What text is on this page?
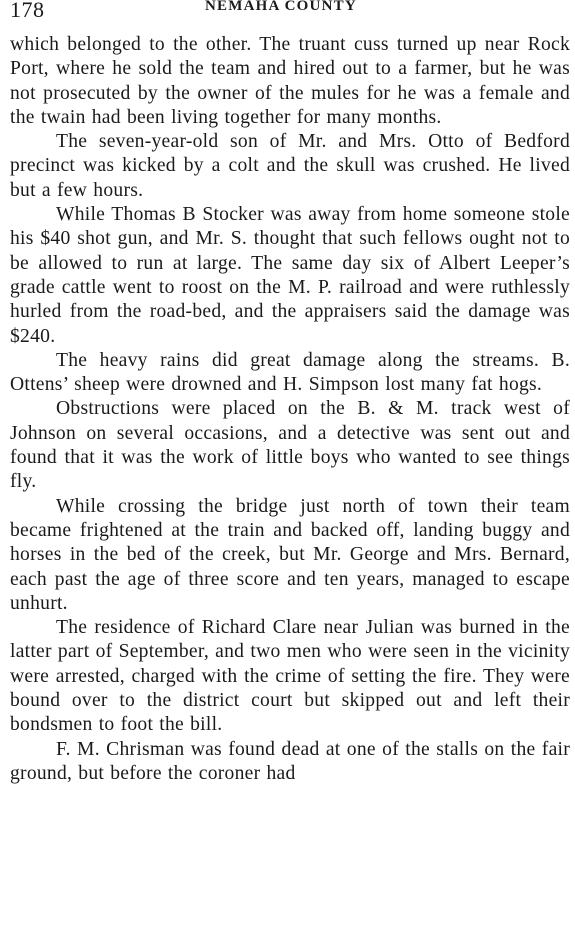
178	NEMAHA COUNTY

which belonged to the other. The truant cuss turned up near Rock Port, where he sold the team and hired out to a farmer, but he was not prosecuted by the owner of the mules for he was a female and the twain had been living together for many months.

The seven-year-old son of Mr. and Mrs. Otto of Bedford precinct was kicked by a colt and the skull was crushed. He lived but a few hours.

While Thomas B Stocker was away from home someone stole his $40 shot gun, and Mr. S. thought that such fellows ought not to be allowed to run at large. The same day six of Albert Leeper’s grade cattle went to roost on the M. P. railroad and were ruthlessly hurled from the road-bed, and the appraisers said the damage was $240.

The heavy rains did great damage along the streams. B. Ottens’ sheep were drowned and H. Simpson lost many fat hogs.

Obstructions were placed on the B. & M. track west of Johnson on several occasions, and a detective was sent out and found that it was the work of little boys who wanted to see things fly.

While crossing the bridge just north of town their team became frightened at the train and backed off, landing buggy and horses in the bed of the creek, but Mr. George and Mrs. Bernard, each past the age of three score and ten years, managed to escape unhurt.

The residence of Richard Clare near Julian was burned in the latter part of September, and two men who were seen in the vicinity were arrested, charged with the crime of setting the fire. They were bound over to the district court but skipped out and left their bondsmen to foot the bill.

F. M. Chrisman was found dead at one of the stalls on the fair ground, but before the coroner had
